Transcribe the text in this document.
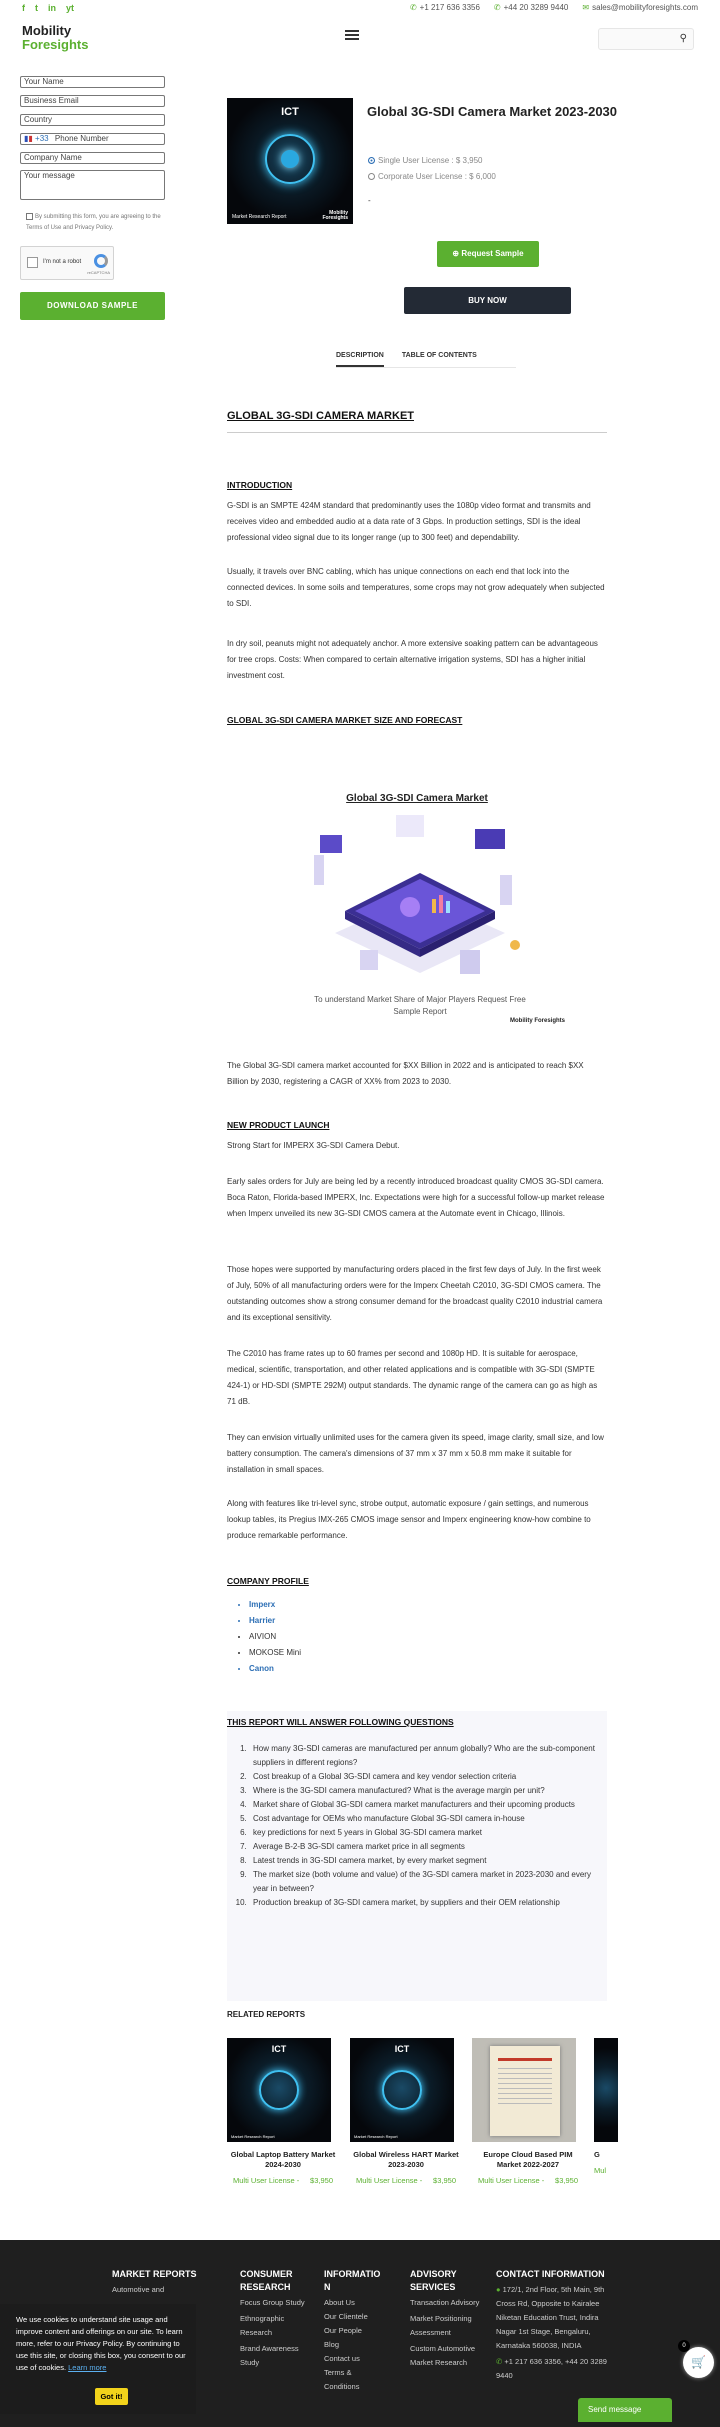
f t in yt	✆ +1 217 636 3356 ✆ +44 20 3289 9440 ✉ sales@mobilityforesights.com
Mobility
Foresights	⚲
Your Name
Business Email
Country
▮▮ +33 Phone Number
Company Name
Your message
By submitting this form, you are agreeing to the Terms of Use and Privacy Policy.
I'm not a robot
reCAPTCHA
DOWNLOAD SAMPLE
ICT
Market Research Report
Mobility Foresights
Global 3G-SDI Camera Market 2023-2030
Single User License : $ 3,950
Corporate User License : $ 6,000
-
⊕ Request Sample
BUY NOW
DESCRIPTION	TABLE OF CONTENTS
GLOBAL 3G-SDI CAMERA MARKET
INTRODUCTION
G-SDI is an SMPTE 424M standard that predominantly uses the 1080p video format and transmits and receives video and embedded audio at a data rate of 3 Gbps. In production settings, SDI is the ideal professional video signal due to its longer range (up to 300 feet) and dependability.
Usually, it travels over BNC cabling, which has unique connections on each end that lock into the connected devices. In some soils and temperatures, some crops may not grow adequately when subjected to SDI.
In dry soil, peanuts might not adequately anchor. A more extensive soaking pattern can be advantageous for tree crops. Costs: When compared to certain alternative irrigation systems, SDI has a higher initial investment cost.
GLOBAL 3G-SDI CAMERA MARKET SIZE AND FORECAST
Global 3G-SDI Camera Market
To understand Market Share of Major Players Request Free Sample Report
Mobility Foresights
The Global 3G-SDI camera market accounted for $XX Billion in 2022 and is anticipated to reach $XX Billion by 2030, registering a CAGR of XX% from 2023 to 2030.
NEW PRODUCT LAUNCH
Strong Start for IMPERX 3G-SDI Camera Debut.
Early sales orders for July are being led by a recently introduced broadcast quality CMOS 3G-SDI camera. Boca Raton, Florida-based IMPERX, Inc. Expectations were high for a successful follow-up market release when Imperx unveiled its new 3G-SDI CMOS camera at the Automate event in Chicago, Illinois.
Those hopes were supported by manufacturing orders placed in the first few days of July. In the first week of July, 50% of all manufacturing orders were for the Imperx Cheetah C2010, 3G-SDI CMOS camera. The outstanding outcomes show a strong consumer demand for the broadcast quality C2010 industrial camera and its exceptional sensitivity.
The C2010 has frame rates up to 60 frames per second and 1080p HD. It is suitable for aerospace, medical, scientific, transportation, and other related applications and is compatible with 3G-SDI (SMPTE 424-1) or HD-SDI (SMPTE 292M) output standards. The dynamic range of the camera can go as high as 71 dB.
They can envision virtually unlimited uses for the camera given its speed, image clarity, small size, and low battery consumption. The camera's dimensions of 37 mm x 37 mm x 50.8 mm make it suitable for installation in small spaces.
Along with features like tri-level sync, strobe output, automatic exposure / gain settings, and numerous lookup tables, its Pregius IMX-265 CMOS image sensor and Imperx engineering know-how combine to produce remarkable performance.
COMPANY PROFILE
• Imperx
• Harrier
• AIVION
• MOKOSE Mini
• Canon
THIS REPORT WILL ANSWER FOLLOWING QUESTIONS
1. How many 3G-SDI cameras are manufactured per annum globally? Who are the sub-component suppliers in different regions?
2. Cost breakup of a Global 3G-SDI camera and key vendor selection criteria
3. Where is the 3G-SDI camera manufactured? What is the average margin per unit?
4. Market share of Global 3G-SDI camera market manufacturers and their upcoming products
5. Cost advantage for OEMs who manufacture Global 3G-SDI camera in-house
6. key predictions for next 5 years in Global 3G-SDI camera market
7. Average B-2-B 3G-SDI camera market price in all segments
8. Latest trends in 3G-SDI camera market, by every market segment
9. The market size (both volume and value) of the 3G-SDI camera market in 2023-2030 and every year in between?
10. Production breakup of 3G-SDI camera market, by suppliers and their OEM relationship
RELATED REPORTS
ICT
Market Research Report
Global Laptop Battery Market 2024-2030
Multi User License - $3,950
ICT
Market Research Report
Global Wireless HART Market 2023-2030
Multi User License - $3,950
Europe Cloud Based PIM Market 2022-2027
Multi User License - $3,950
G
Mul
MARKET REPORTS
Automotive and
CONSUMER RESEARCH
Focus Group Study
Ethnographic Research
Brand Awareness Study
INFORMATION
About Us
Our Clientele
Our People
Blog
Contact us
Terms & Conditions
ADVISORY SERVICES
Transaction Advisory
Market Positioning Assessment
Custom Automotive Market Research
CONTACT INFORMATION
● 172/1, 2nd Floor, 5th Main, 9th Cross Rd, Opposite to Kairalee Niketan Education Trust, Indira Nagar 1st Stage, Bengaluru, Karnataka 560038, INDIA
✆ +1 217 636 3356, +44 20 3289 9440
We use cookies to understand site usage and improve content and offerings on our site. To learn more, refer to our Privacy Policy. By continuing to use this site, or closing this box, you consent to our use of cookies. Learn more
Got it!
🛒
0
Send message
